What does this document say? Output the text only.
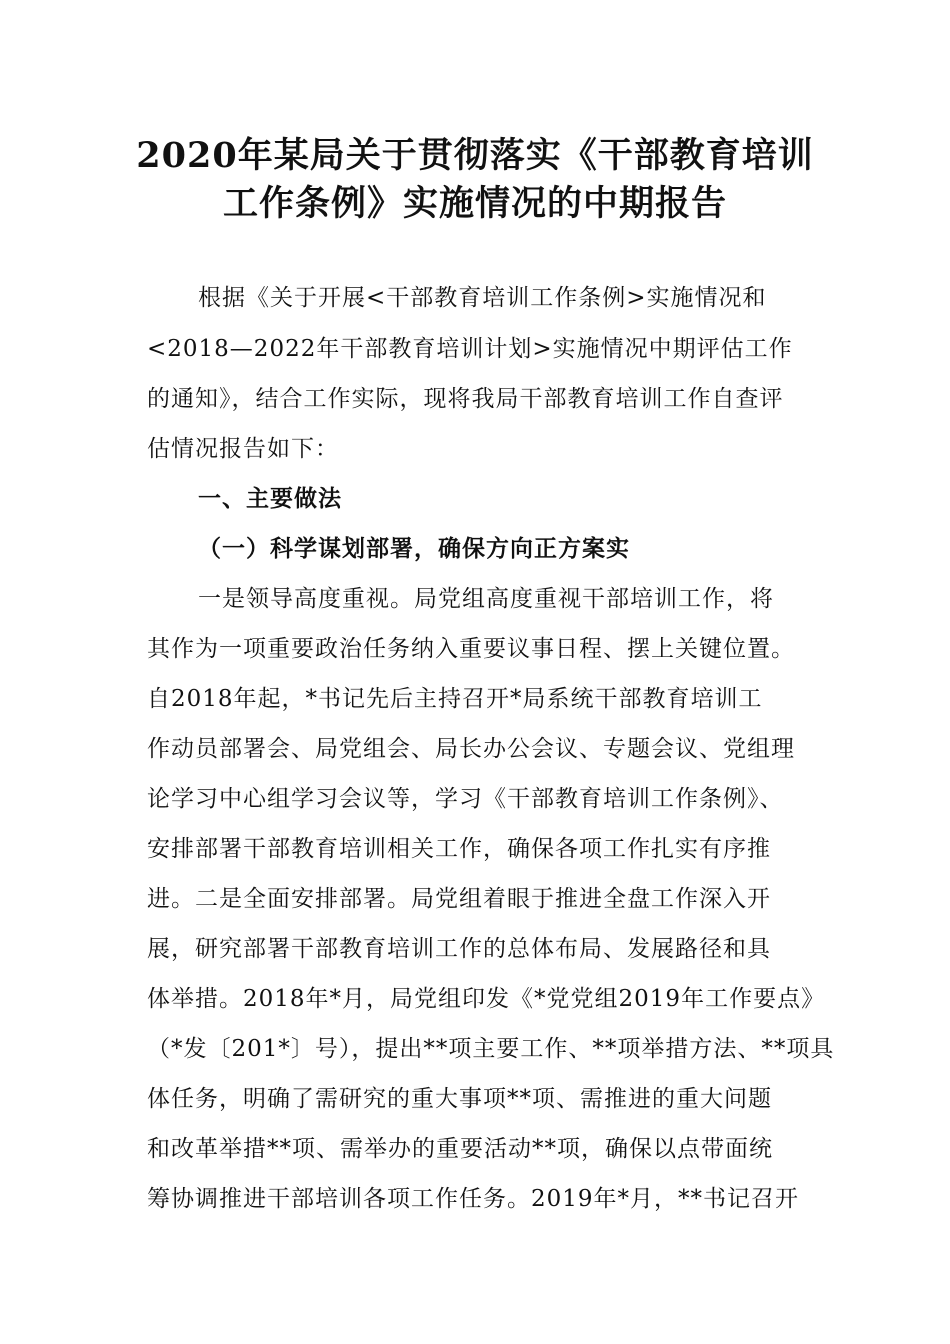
2020年某局关于贯彻落实《干部教育培训
工作条例》实施情况的中期报告

根据《关于开展<干部教育培训工作条例>实施情况和

<2018—2022年干部教育培训计划>实施情况中期评估工作

的通知》，结合工作实际，现将我局干部教育培训工作自查评

估情况报告如下：

一、主要做法

（一）科学谋划部署，确保方向正方案实

一是领导高度重视。局党组高度重视干部培训工作，将

其作为一项重要政治任务纳入重要议事日程、摆上关键位置。

自2018年起，*书记先后主持召开*局系统干部教育培训工

作动员部署会、局党组会、局长办公会议、专题会议、党组理

论学习中心组学习会议等，学习《干部教育培训工作条例》、

安排部署干部教育培训相关工作，确保各项工作扎实有序推

进。二是全面安排部署。局党组着眼于推进全盘工作深入开

展，研究部署干部教育培训工作的总体布局、发展路径和具

体举措。2018年*月，局党组印发《*党党组2019年工作要点》

（*发〔201*〕号），提出**项主要工作、**项举措方法、**项具

体任务，明确了需研究的重大事项**项、需推进的重大问题

和改革举措**项、需举办的重要活动**项，确保以点带面统

筹协调推进干部培训各项工作任务。2019年*月，**书记召开
